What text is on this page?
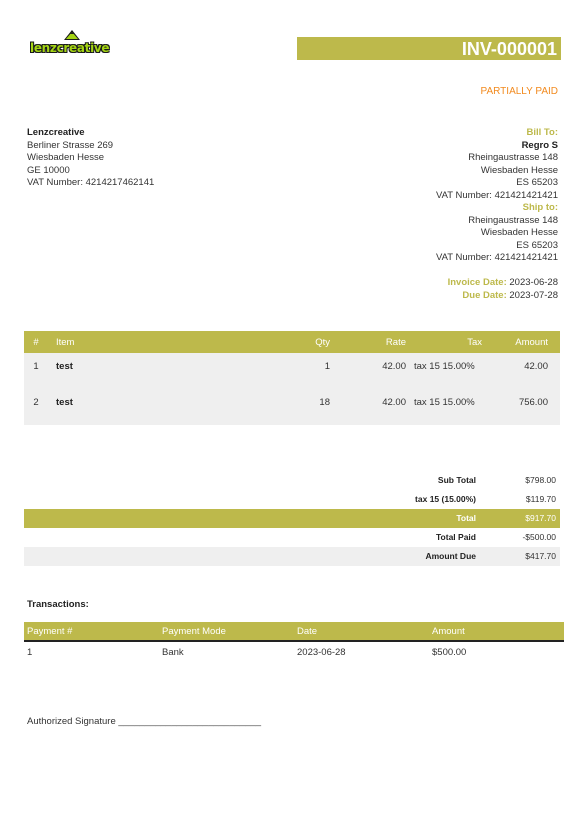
lenzcreative	INV-000001
PARTIALLY PAID
Lenzcreative
Berliner Strasse 269
Wiesbaden Hesse
GE 10000
VAT Number: 4214217462141
Bill To:
Regro S
Rheingaustrasse 148
Wiesbaden Hesse
ES 65203
VAT Number: 421421421421
Ship to:
Rheingaustrasse 148
Wiesbaden Hesse
ES 65203
VAT Number: 421421421421
Invoice Date: 2023-06-28
Due Date: 2023-07-28
#	Item	Qty	Rate	Tax	Amount
1	test	1	42.00	tax 15 15.00%	42.00
2	test	18	42.00	tax 15 15.00%	756.00
Sub Total	$798.00
tax 15 (15.00%)	$119.70
Total	$917.70
Total Paid	-$500.00
Amount Due	$417.70
Transactions:
Payment #	Payment Mode	Date	Amount
1	Bank	2023-06-28	$500.00
Authorized Signature ___________________________
